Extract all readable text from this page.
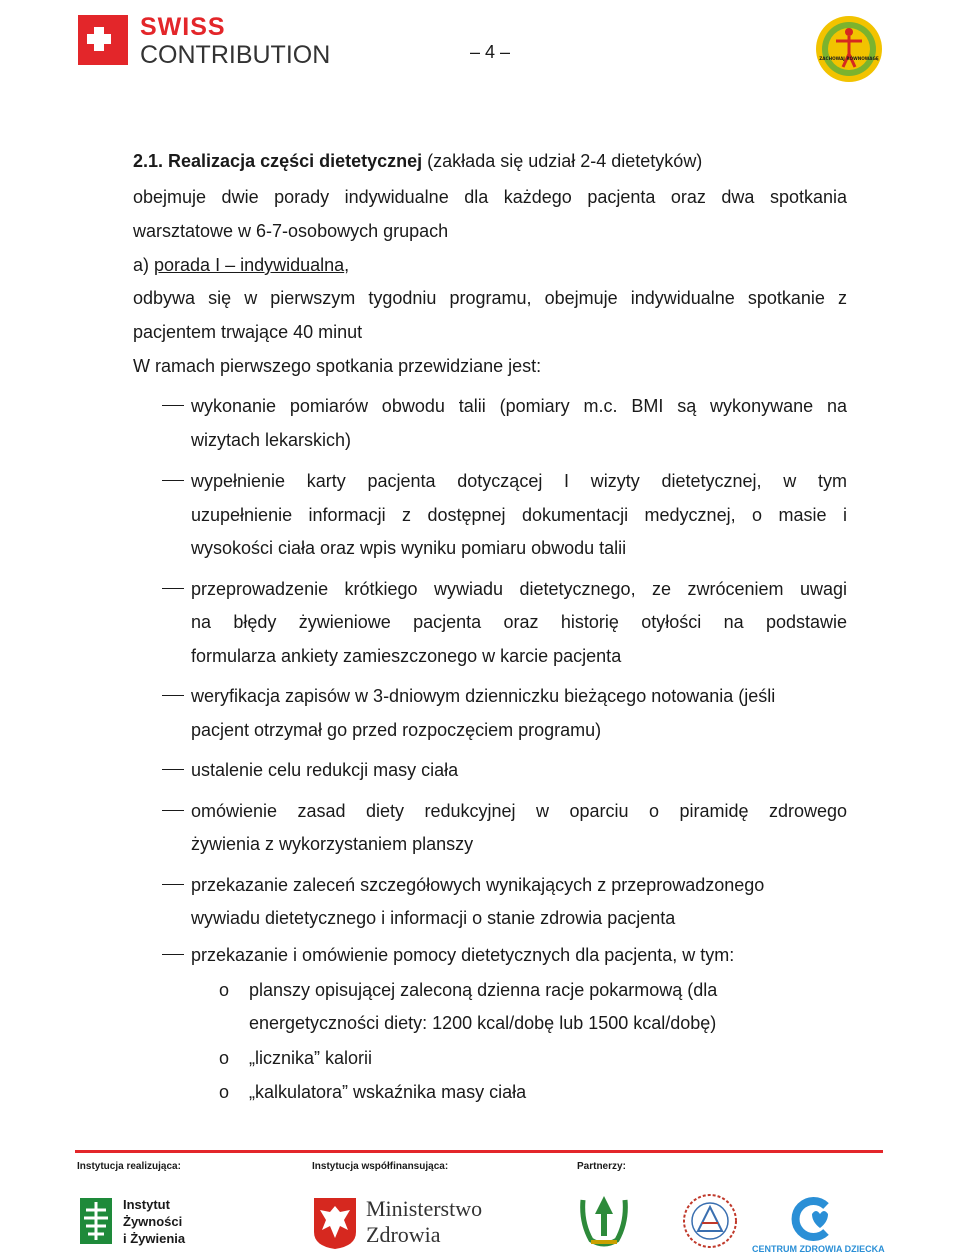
SWISS
CONTRIBUTION	– 4 –	ZACHOWAJ RÓWNOWAGĘ
2.1. Realizacja części dietetycznej (zakłada się udział 2-4 dietetyków)
obejmuje dwie porady indywidualne dla każdego pacjenta oraz dwa spotkania
warsztatowe w 6-7-osobowych grupach
a) porada I – indywidualna,
odbywa się w pierwszym tygodniu programu, obejmuje indywidualne spotkanie z
pacjentem trwające 40 minut
W ramach pierwszego spotkania przewidziane jest:
wykonanie pomiarów obwodu talii (pomiary m.c. BMI są wykonywane na
wizytach lekarskich)
wypełnienie karty pacjenta dotyczącej I wizyty dietetycznej, w tym
uzupełnienie informacji z dostępnej dokumentacji medycznej, o masie i
wysokości ciała oraz wpis wyniku pomiaru obwodu talii
przeprowadzenie krótkiego wywiadu dietetycznego, ze zwróceniem uwagi
na błędy żywieniowe pacjenta oraz historię otyłości na podstawie
formularza ankiety zamieszczonego w karcie pacjenta
weryfikacja zapisów w 3-dniowym dzienniczku bieżącego notowania (jeśli
pacjent otrzymał go przed rozpoczęciem programu)
ustalenie celu redukcji masy ciała
omówienie zasad diety redukcyjnej w oparciu o piramidę zdrowego
żywienia z wykorzystaniem planszy
przekazanie zaleceń szczegółowych wynikających z przeprowadzonego
wywiadu dietetycznego i informacji o stanie zdrowia pacjenta
przekazanie i omówienie pomocy dietetycznych dla pacjenta, w tym:
o planszy opisującej zaleconą dzienna racje pokarmową (dla
energetyczności diety: 1200 kcal/dobę lub 1500 kcal/dobę)
o „licznika” kalorii
o „kalkulatora” wskaźnika masy ciała
Instytucja realizująca:	Instytucja współfinansująca:	Partnerzy:
Instytut
Żywności
i Żywienia
Ministerstwo
Zdrowia
CENTRUM ZDROWIA DZIECKA
